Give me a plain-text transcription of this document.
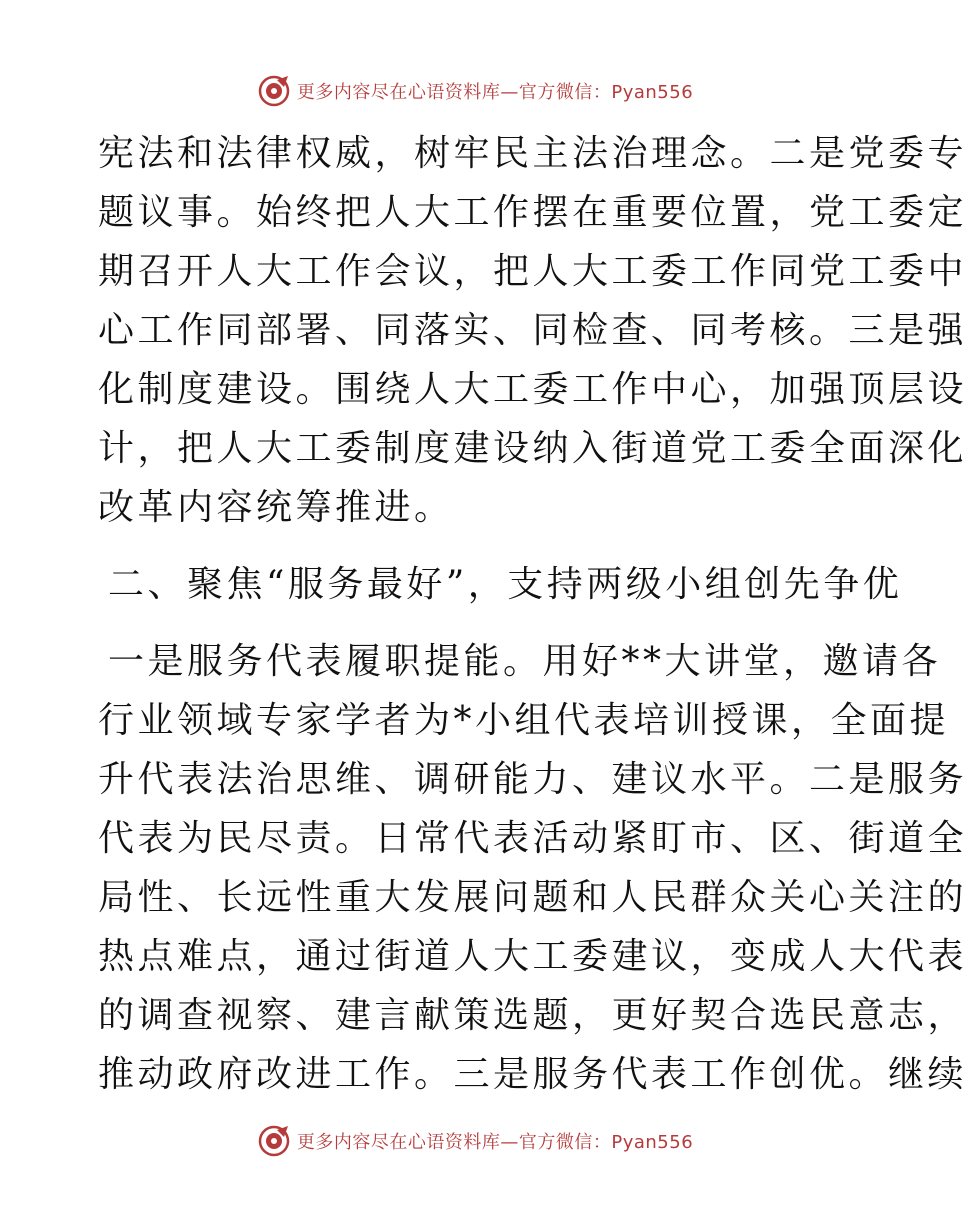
更多内容尽在心语资料库—官方微信：Pyan556
宪法和法律权威，树牢民主法治理念。二是党委专
题议事。始终把人大工作摆在重要位置，党工委定
期召开人大工作会议，把人大工委工作同党工委中
心工作同部署、同落实、同检查、同考核。三是强
化制度建设。围绕人大工委工作中心，加强顶层设
计，把人大工委制度建设纳入街道党工委全面深化
改革内容统筹推进。
二、聚焦“服务最好”，支持两级小组创先争优
一是服务代表履职提能。用好**大讲堂，邀请各
行业领域专家学者为*小组代表培训授课，全面提
升代表法治思维、调研能力、建议水平。二是服务
代表为民尽责。日常代表活动紧盯市、区、街道全
局性、长远性重大发展问题和人民群众关心关注的
热点难点，通过街道人大工委建议，变成人大代表
的调查视察、建言献策选题，更好契合选民意志，
推动政府改进工作。三是服务代表工作创优。继续
更多内容尽在心语资料库—官方微信：Pyan556
